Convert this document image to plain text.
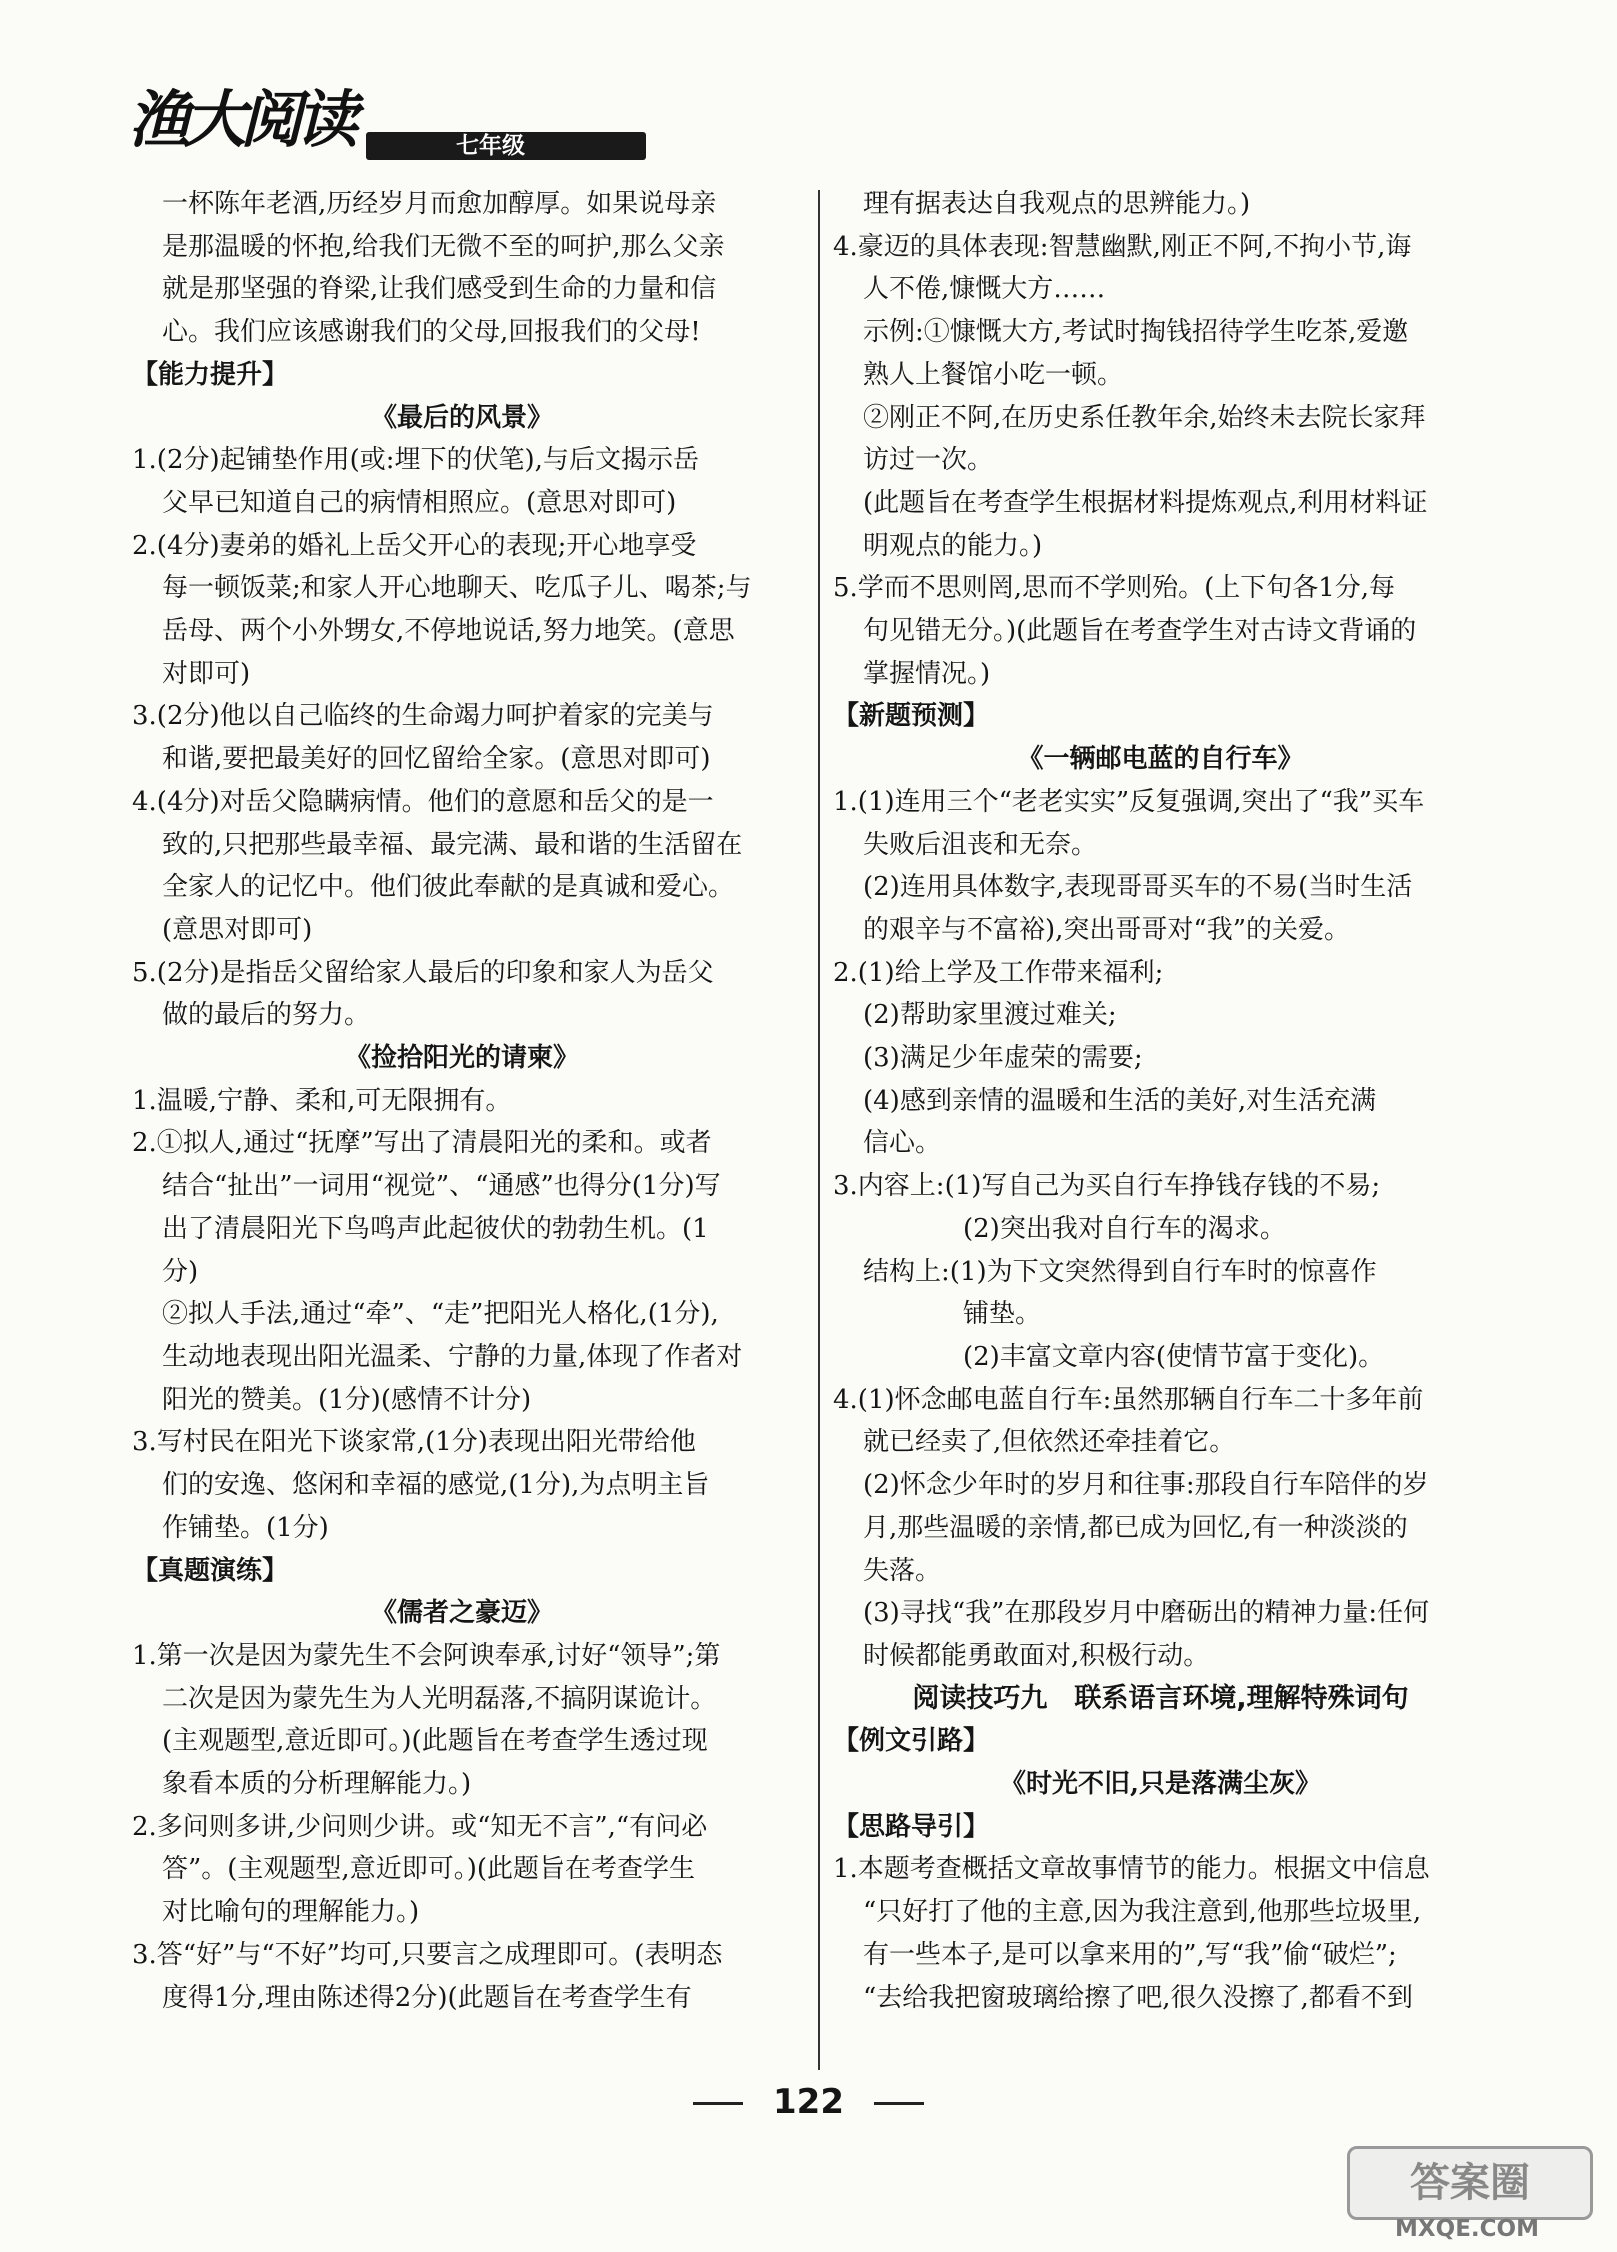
渔大阅读	七年级
一杯陈年老酒,历经岁月而愈加醇厚。如果说母亲
是那温暖的怀抱,给我们无微不至的呵护,那么父亲
就是那坚强的脊梁,让我们感受到生命的力量和信
心。我们应该感谢我们的父母,回报我们的父母!
【能力提升】
《最后的风景》
1.(2分)起铺垫作用(或:埋下的伏笔),与后文揭示岳
父早已知道自己的病情相照应。(意思对即可)
2.(4分)妻弟的婚礼上岳父开心的表现;开心地享受
每一顿饭菜;和家人开心地聊天、吃瓜子儿、喝茶;与
岳母、两个小外甥女,不停地说话,努力地笑。(意思
对即可)
3.(2分)他以自己临终的生命竭力呵护着家的完美与
和谐,要把最美好的回忆留给全家。(意思对即可)
4.(4分)对岳父隐瞒病情。他们的意愿和岳父的是一
致的,只把那些最幸福、最完满、最和谐的生活留在
全家人的记忆中。他们彼此奉献的是真诚和爱心。
(意思对即可)
5.(2分)是指岳父留给家人最后的印象和家人为岳父
做的最后的努力。
《捡拾阳光的请柬》
1.温暖,宁静、柔和,可无限拥有。
2.①拟人,通过“抚摩”写出了清晨阳光的柔和。或者
结合“扯出”一词用“视觉”、“通感”也得分(1分)写
出了清晨阳光下鸟鸣声此起彼伏的勃勃生机。(1
分)
②拟人手法,通过“牵”、“走”把阳光人格化,(1分),
生动地表现出阳光温柔、宁静的力量,体现了作者对
阳光的赞美。(1分)(感情不计分)
3.写村民在阳光下谈家常,(1分)表现出阳光带给他
们的安逸、悠闲和幸福的感觉,(1分),为点明主旨
作铺垫。(1分)
【真题演练】
《儒者之豪迈》
1.第一次是因为蒙先生不会阿谀奉承,讨好“领导”;第
二次是因为蒙先生为人光明磊落,不搞阴谋诡计。
(主观题型,意近即可。)(此题旨在考查学生透过现
象看本质的分析理解能力。)
2.多问则多讲,少问则少讲。或“知无不言”,“有问必
答”。(主观题型,意近即可。)(此题旨在考查学生
对比喻句的理解能力。)
3.答“好”与“不好”均可,只要言之成理即可。(表明态
度得1分,理由陈述得2分)(此题旨在考查学生有
理有据表达自我观点的思辨能力。)
4.豪迈的具体表现:智慧幽默,刚正不阿,不拘小节,诲
人不倦,慷慨大方……
示例:①慷慨大方,考试时掏钱招待学生吃茶,爱邀
熟人上餐馆小吃一顿。
②刚正不阿,在历史系任教年余,始终未去院长家拜
访过一次。
(此题旨在考查学生根据材料提炼观点,利用材料证
明观点的能力。)
5.学而不思则罔,思而不学则殆。(上下句各1分,每
句见错无分。)(此题旨在考查学生对古诗文背诵的
掌握情况。)
【新题预测】
《一辆邮电蓝的自行车》
1.(1)连用三个“老老实实”反复强调,突出了“我”买车
失败后沮丧和无奈。
(2)连用具体数字,表现哥哥买车的不易(当时生活
的艰辛与不富裕),突出哥哥对“我”的关爱。
2.(1)给上学及工作带来福利;
(2)帮助家里渡过难关;
(3)满足少年虚荣的需要;
(4)感到亲情的温暖和生活的美好,对生活充满
信心。
3.内容上:(1)写自己为买自行车挣钱存钱的不易;
(2)突出我对自行车的渴求。
结构上:(1)为下文突然得到自行车时的惊喜作
铺垫。
(2)丰富文章内容(使情节富于变化)。
4.(1)怀念邮电蓝自行车:虽然那辆自行车二十多年前
就已经卖了,但依然还牵挂着它。
(2)怀念少年时的岁月和往事:那段自行车陪伴的岁
月,那些温暖的亲情,都已成为回忆,有一种淡淡的
失落。
(3)寻找“我”在那段岁月中磨砺出的精神力量:任何
时候都能勇敢面对,积极行动。
阅读技巧九　联系语言环境,理解特殊词句
【例文引路】
《时光不旧,只是落满尘灰》
【思路导引】
1.本题考查概括文章故事情节的能力。根据文中信息
“只好打了他的主意,因为我注意到,他那些垃圾里,
有一些本子,是可以拿来用的”,写“我”偷“破烂”;
“去给我把窗玻璃给擦了吧,很久没擦了,都看不到
122
答案圈
MXQE.COM
